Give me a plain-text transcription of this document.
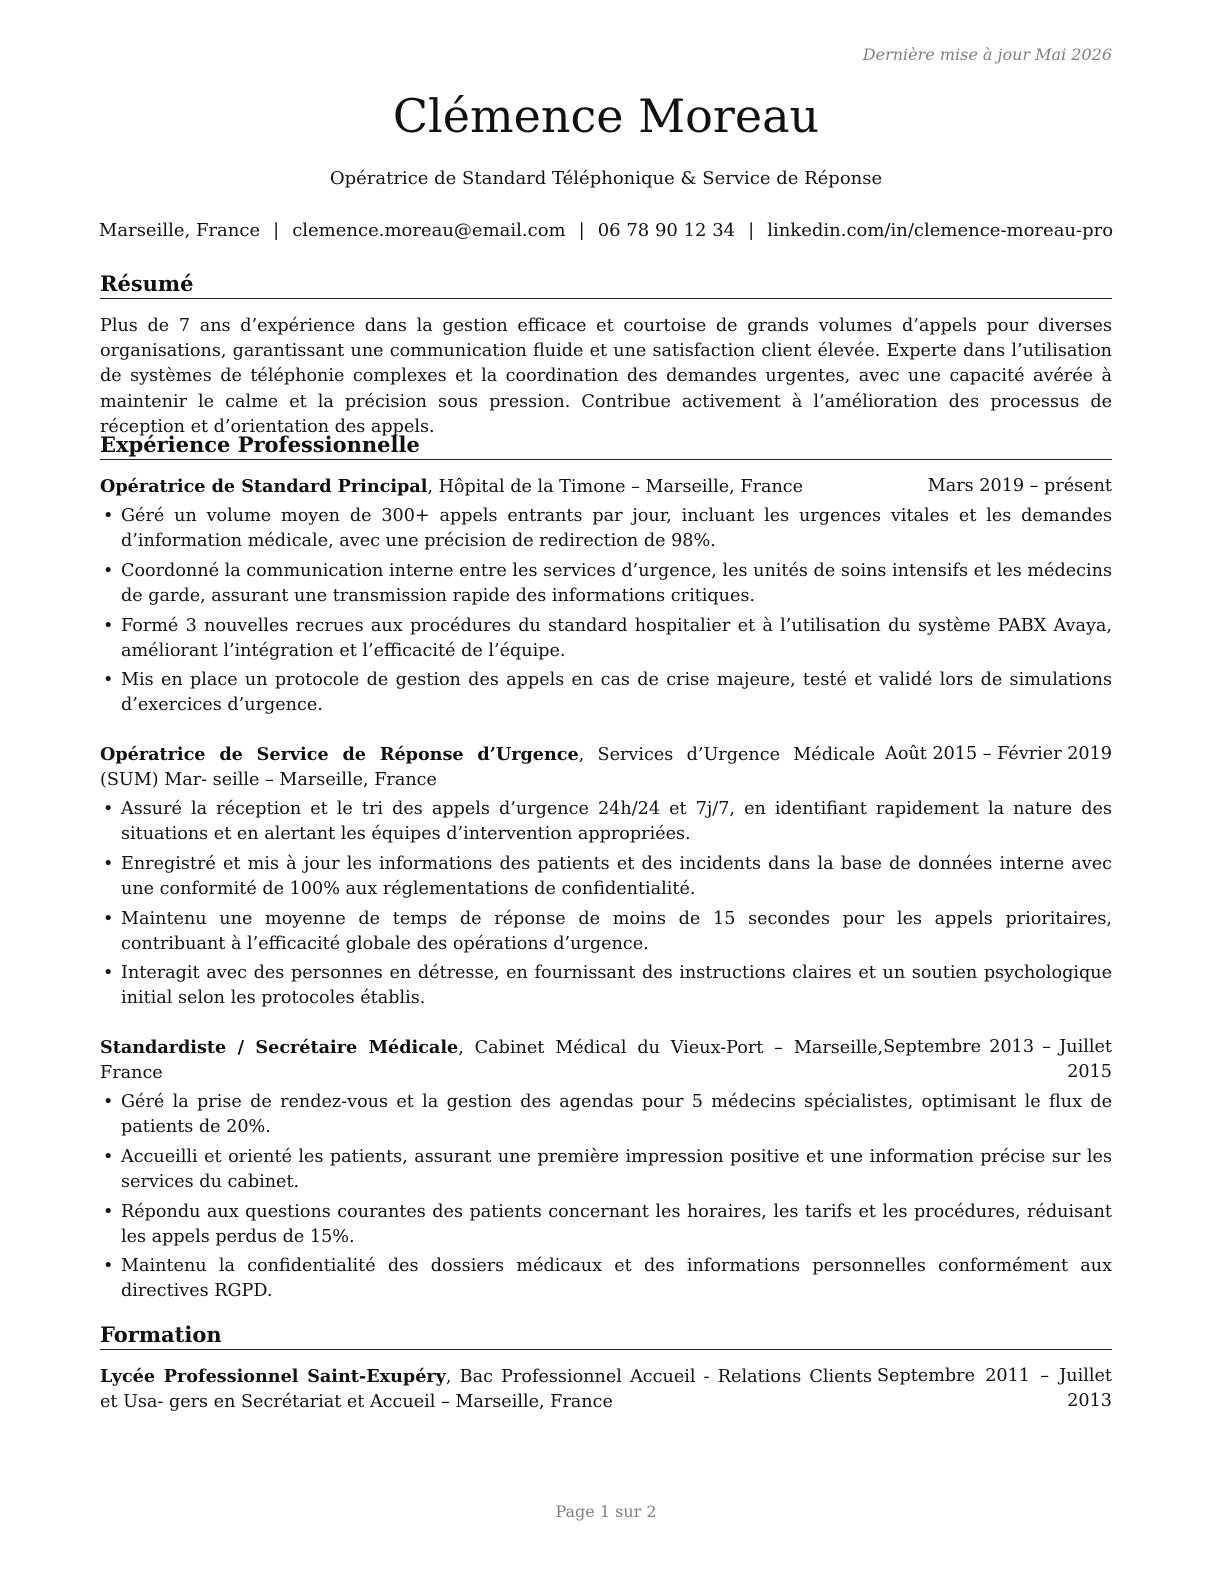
Dernière mise à jour Mai 2026
Clémence Moreau
Opératrice de Standard Téléphonique & Service de Réponse
Marseille, France | clemence.moreau@email.com | 06 78 90 12 34 | linkedin.com/in/clemence-moreau-pro
Résumé
Plus de 7 ans d’expérience dans la gestion efficace et courtoise de grands volumes d’appels pour diverses organisations, garantissant une communication fluide et une satisfaction client élevée. Experte dans l’utilisation de systèmes de téléphonie complexes et la coordination des demandes urgentes, avec une capacité avérée à maintenir le calme et la précision sous pression. Contribue activement à l’amélioration des processus de réception et d’orientation des appels.
Expérience Professionnelle
Opératrice de Standard Principal, Hôpital de la Timone – Marseille, France	Mars 2019 – présent
• Géré un volume moyen de 300+ appels entrants par jour, incluant les urgences vitales et les demandes d’information médicale, avec une précision de redirection de 98%.
• Coordonné la communication interne entre les services d’urgence, les unités de soins intensifs et les médecins de garde, assurant une transmission rapide des informations critiques.
• Formé 3 nouvelles recrues aux procédures du standard hospitalier et à l’utilisation du système PABX Avaya, améliorant l’intégration et l’efficacité de l’équipe.
• Mis en place un protocole de gestion des appels en cas de crise majeure, testé et validé lors de simulations d’exercices d’urgence.
Opératrice de Service de Réponse d’Urgence, Services d’Urgence Médicale (SUM) Mar- seille – Marseille, France
Août 2015 – Février 2019
• Assuré la réception et le tri des appels d’urgence 24h/24 et 7j/7, en identifiant rapidement la nature des situations et en alertant les équipes d’intervention appropriées.
• Enregistré et mis à jour les informations des patients et des incidents dans la base de données interne avec une conformité de 100% aux réglementations de confidentialité.
• Maintenu une moyenne de temps de réponse de moins de 15 secondes pour les appels prioritaires, contribuant à l’efficacité globale des opérations d’urgence.
• Interagit avec des personnes en détresse, en fournissant des instructions claires et un soutien psychologique initial selon les protocoles établis.
Standardiste / Secrétaire Médicale, Cabinet Médical du Vieux-Port – Marseille, France
Septembre 2013 – Juillet 2015
• Géré la prise de rendez-vous et la gestion des agendas pour 5 médecins spécialistes, optimisant le flux de patients de 20%.
• Accueilli et orienté les patients, assurant une première impression positive et une information précise sur les services du cabinet.
• Répondu aux questions courantes des patients concernant les horaires, les tarifs et les procédures, réduisant les appels perdus de 15%.
• Maintenu la confidentialité des dossiers médicaux et des informations personnelles conformément aux directives RGPD.
Formation
Lycée Professionnel Saint-Exupéry, Bac Professionnel Accueil - Relations Clients et Usa- gers en Secrétariat et Accueil – Marseille, France
Septembre 2011 – Juillet 2013
Page 1 sur 2
